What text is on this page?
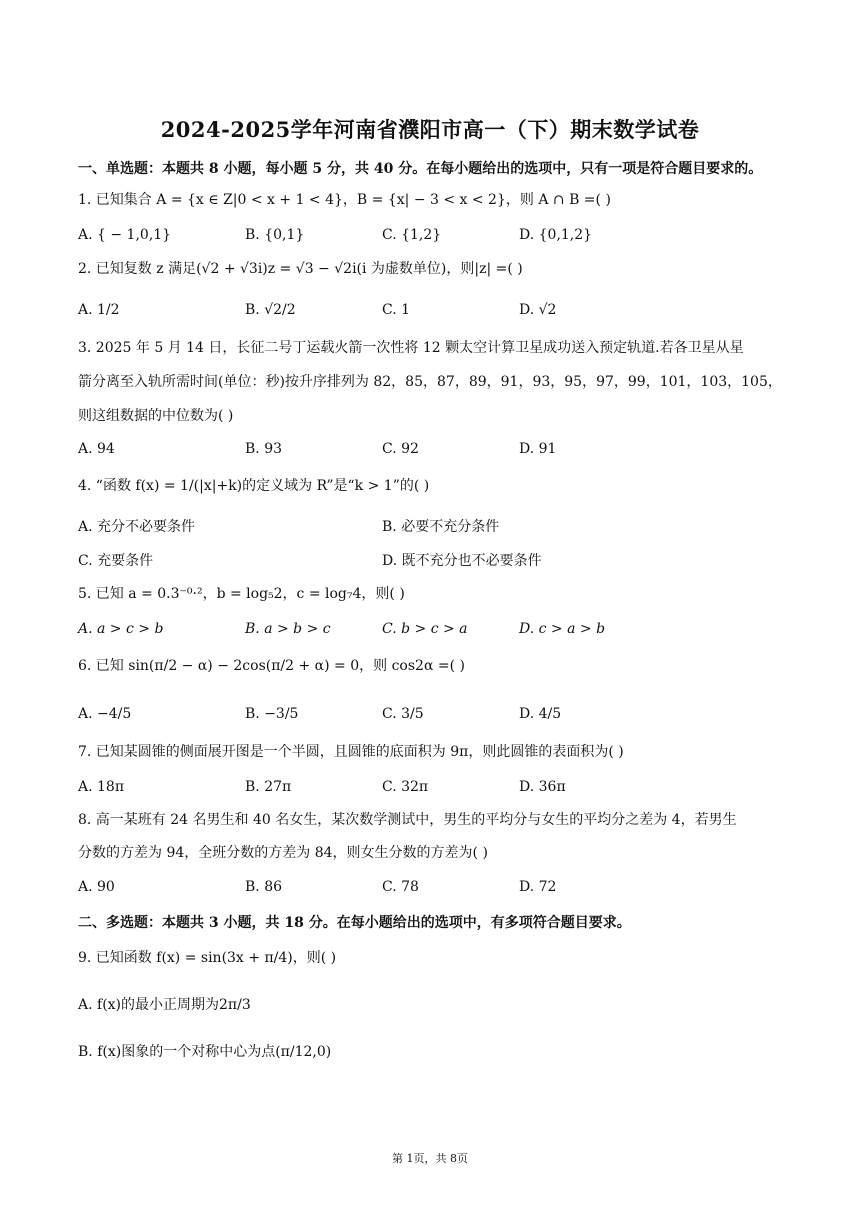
2024-2025学年河南省濮阳市高一（下）期末数学试卷
一、单选题：本题共 8 小题，每小题 5 分，共 40 分。在每小题给出的选项中，只有一项是符合题目要求的。
1. 已知集合 A = {x ∈ Z|0 < x + 1 < 4}，B = {x| − 3 < x < 2}，则 A ∩ B =( )
A. { − 1,0,1}	B. {0,1}	C. {1,2}	D. {0,1,2}
2. 已知复数 z 满足(√2 + √3i)z = √3 − √2i(i 为虚数单位)，则|z| =( )
A. 1/2	B. √2/2	C. 1	D. √2
3. 2025 年 5 月 14 日，长征二号丁运载火箭一次性将 12 颗太空计算卫星成功送入预定轨道.若各卫星从星
箭分离至入轨所需时间(单位：秒)按升序排列为 82，85，87，89，91，93，95，97，99，101，103，105，
则这组数据的中位数为( )
A. 94	B. 93	C. 92	D. 91
4. “函数 f(x) = 1/(|x|+k)的定义域为 R”是“k > 1”的( )
A. 充分不必要条件	B. 必要不充分条件
C. 充要条件	D. 既不充分也不必要条件
5. 已知 a = 0.3⁻⁰·²，b = log₅2，c = log₇4，则( )
A. a > c > b	B. a > b > c	C. b > c > a	D. c > a > b
6. 已知 sin(π/2 − α) − 2cos(π/2 + α) = 0，则 cos2α =( )
A. −4/5	B. −3/5	C. 3/5	D. 4/5
7. 已知某圆锥的侧面展开图是一个半圆，且圆锥的底面积为 9π，则此圆锥的表面积为( )
A. 18π	B. 27π	C. 32π	D. 36π
8. 高一某班有 24 名男生和 40 名女生，某次数学测试中，男生的平均分与女生的平均分之差为 4，若男生
分数的方差为 94，全班分数的方差为 84，则女生分数的方差为( )
A. 90	B. 86	C. 78	D. 72
二、多选题：本题共 3 小题，共 18 分。在每小题给出的选项中，有多项符合题目要求。
9. 已知函数 f(x) = sin(3x + π/4)，则( )
A. f(x)的最小正周期为2π/3
B. f(x)图象的一个对称中心为点(π/12,0)
第 1页，共 8页
